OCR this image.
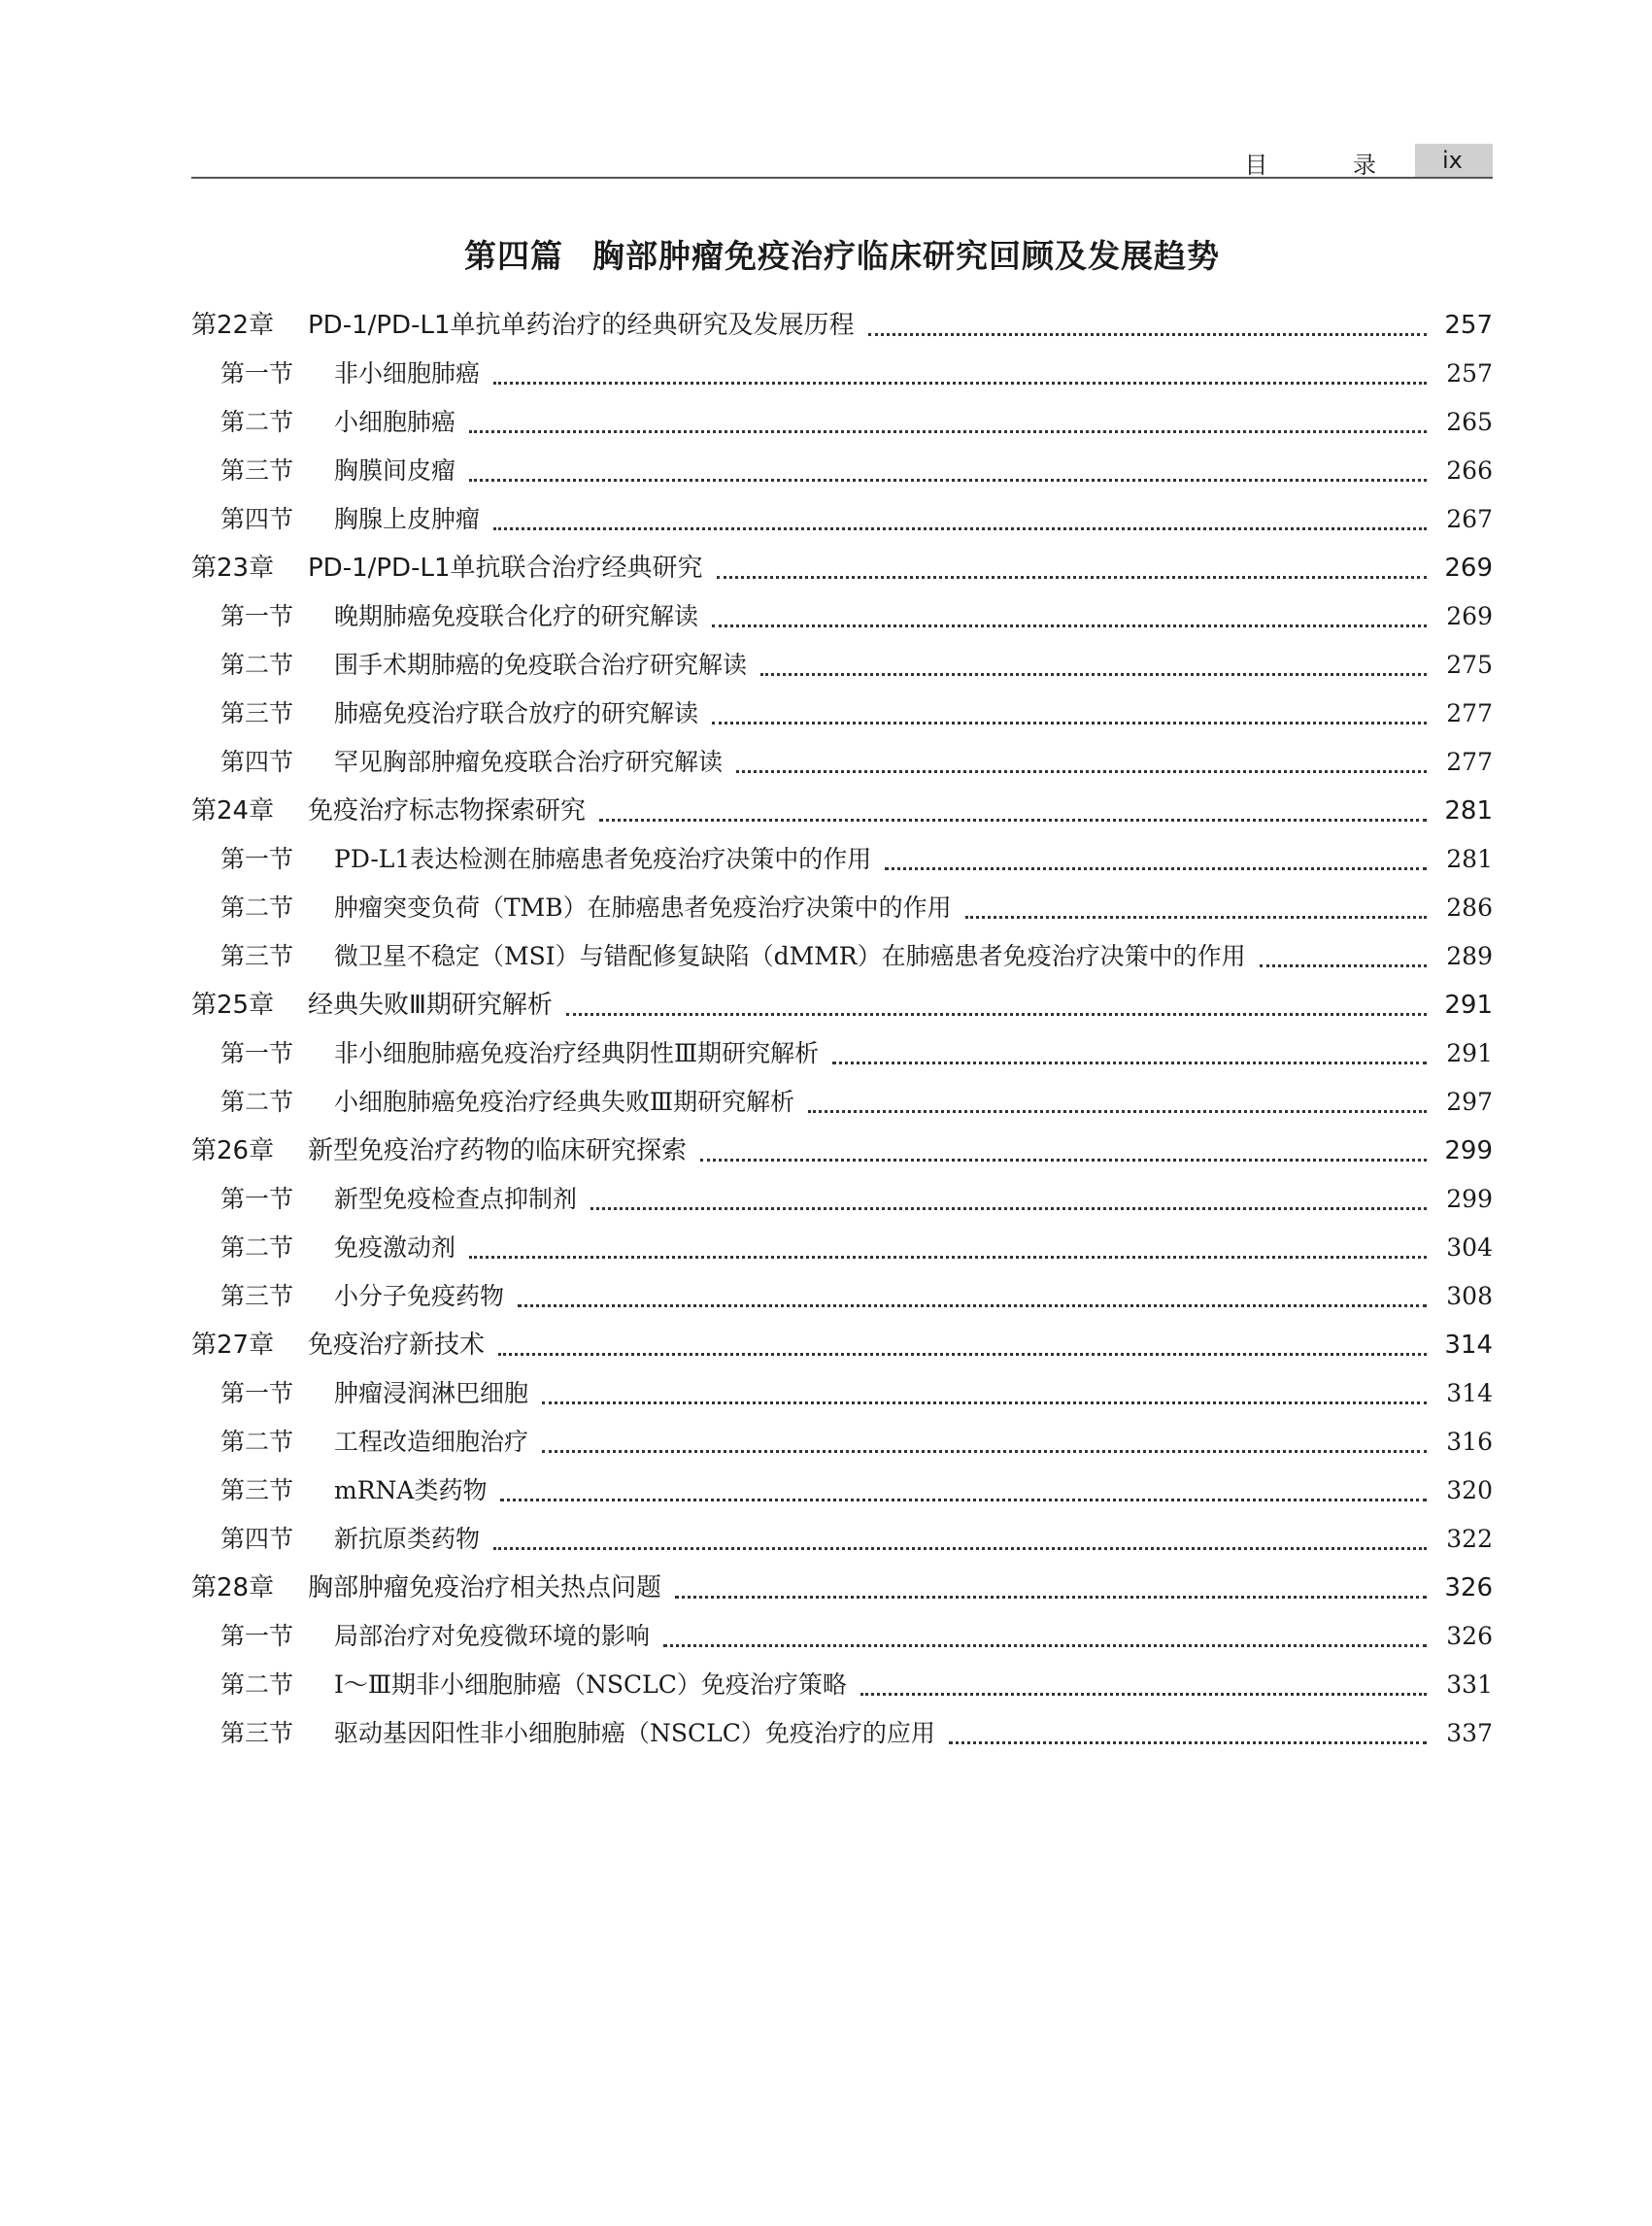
目 录	ix
第四篇 胸部肿瘤免疫治疗临床研究回顾及发展趋势
第22章	PD-1/PD-L1单抗单药治疗的经典研究及发展历程	257
第一节	非小细胞肺癌	257
第二节	小细胞肺癌	265
第三节	胸膜间皮瘤	266
第四节	胸腺上皮肿瘤	267
第23章	PD-1/PD-L1单抗联合治疗经典研究	269
第一节	晚期肺癌免疫联合化疗的研究解读	269
第二节	围手术期肺癌的免疫联合治疗研究解读	275
第三节	肺癌免疫治疗联合放疗的研究解读	277
第四节	罕见胸部肿瘤免疫联合治疗研究解读	277
第24章	免疫治疗标志物探索研究	281
第一节	PD-L1表达检测在肺癌患者免疫治疗决策中的作用	281
第二节	肿瘤突变负荷（TMB）在肺癌患者免疫治疗决策中的作用	286
第三节	微卫星不稳定（MSI）与错配修复缺陷（dMMR）在肺癌患者免疫治疗决策中的作用	289
第25章	经典失败Ⅲ期研究解析	291
第一节	非小细胞肺癌免疫治疗经典阴性Ⅲ期研究解析	291
第二节	小细胞肺癌免疫治疗经典失败Ⅲ期研究解析	297
第26章	新型免疫治疗药物的临床研究探索	299
第一节	新型免疫检查点抑制剂	299
第二节	免疫激动剂	304
第三节	小分子免疫药物	308
第27章	免疫治疗新技术	314
第一节	肿瘤浸润淋巴细胞	314
第二节	工程改造细胞治疗	316
第三节	mRNA类药物	320
第四节	新抗原类药物	322
第28章	胸部肿瘤免疫治疗相关热点问题	326
第一节	局部治疗对免疫微环境的影响	326
第二节	Ⅰ～Ⅲ期非小细胞肺癌（NSCLC）免疫治疗策略	331
第三节	驱动基因阳性非小细胞肺癌（NSCLC）免疫治疗的应用	337
